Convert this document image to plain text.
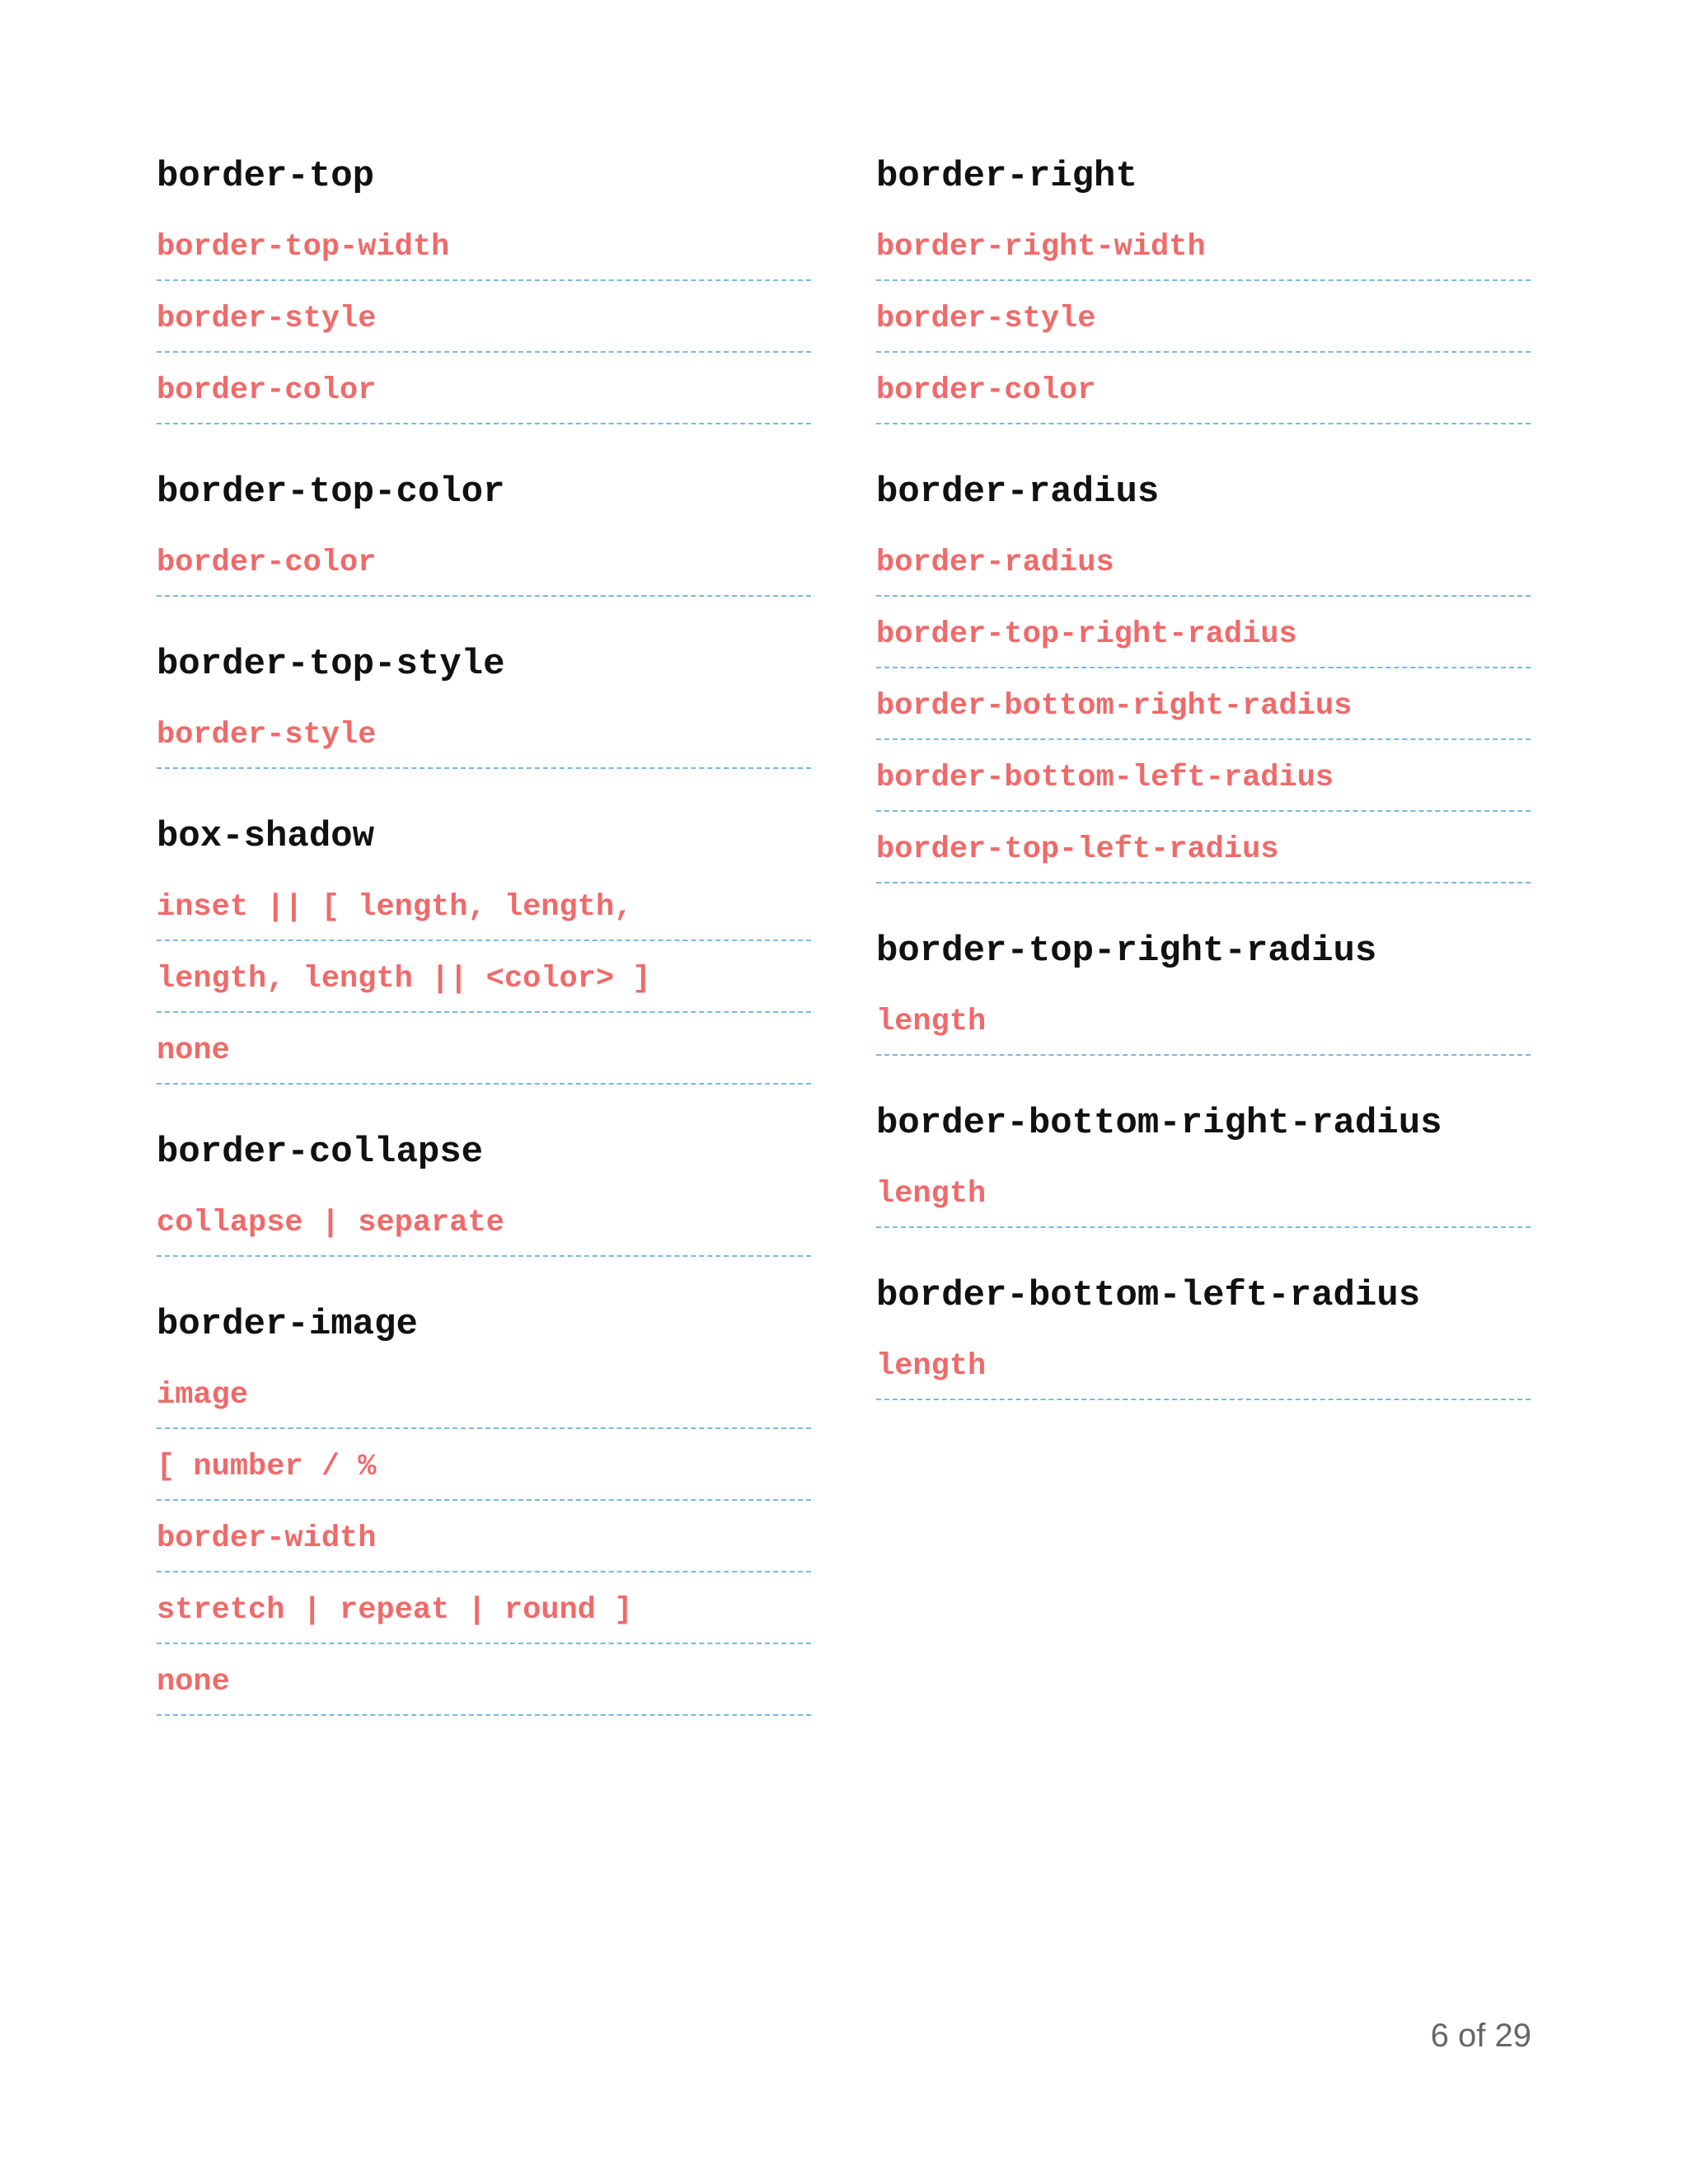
border-top
border-top-width
border-style
border-color
border-top-color
border-color
border-top-style
border-style
box-shadow
inset || [ length, length,
length, length || <color> ]
none
border-collapse
collapse | separate
border-image
image
[ number / %
border-width
stretch | repeat | round ]
none
border-right
border-right-width
border-style
border-color
border-radius
border-radius
border-top-right-radius
border-bottom-right-radius
border-bottom-left-radius
border-top-left-radius
border-top-right-radius
length
border-bottom-right-radius
length
border-bottom-left-radius
length
6 of 29
